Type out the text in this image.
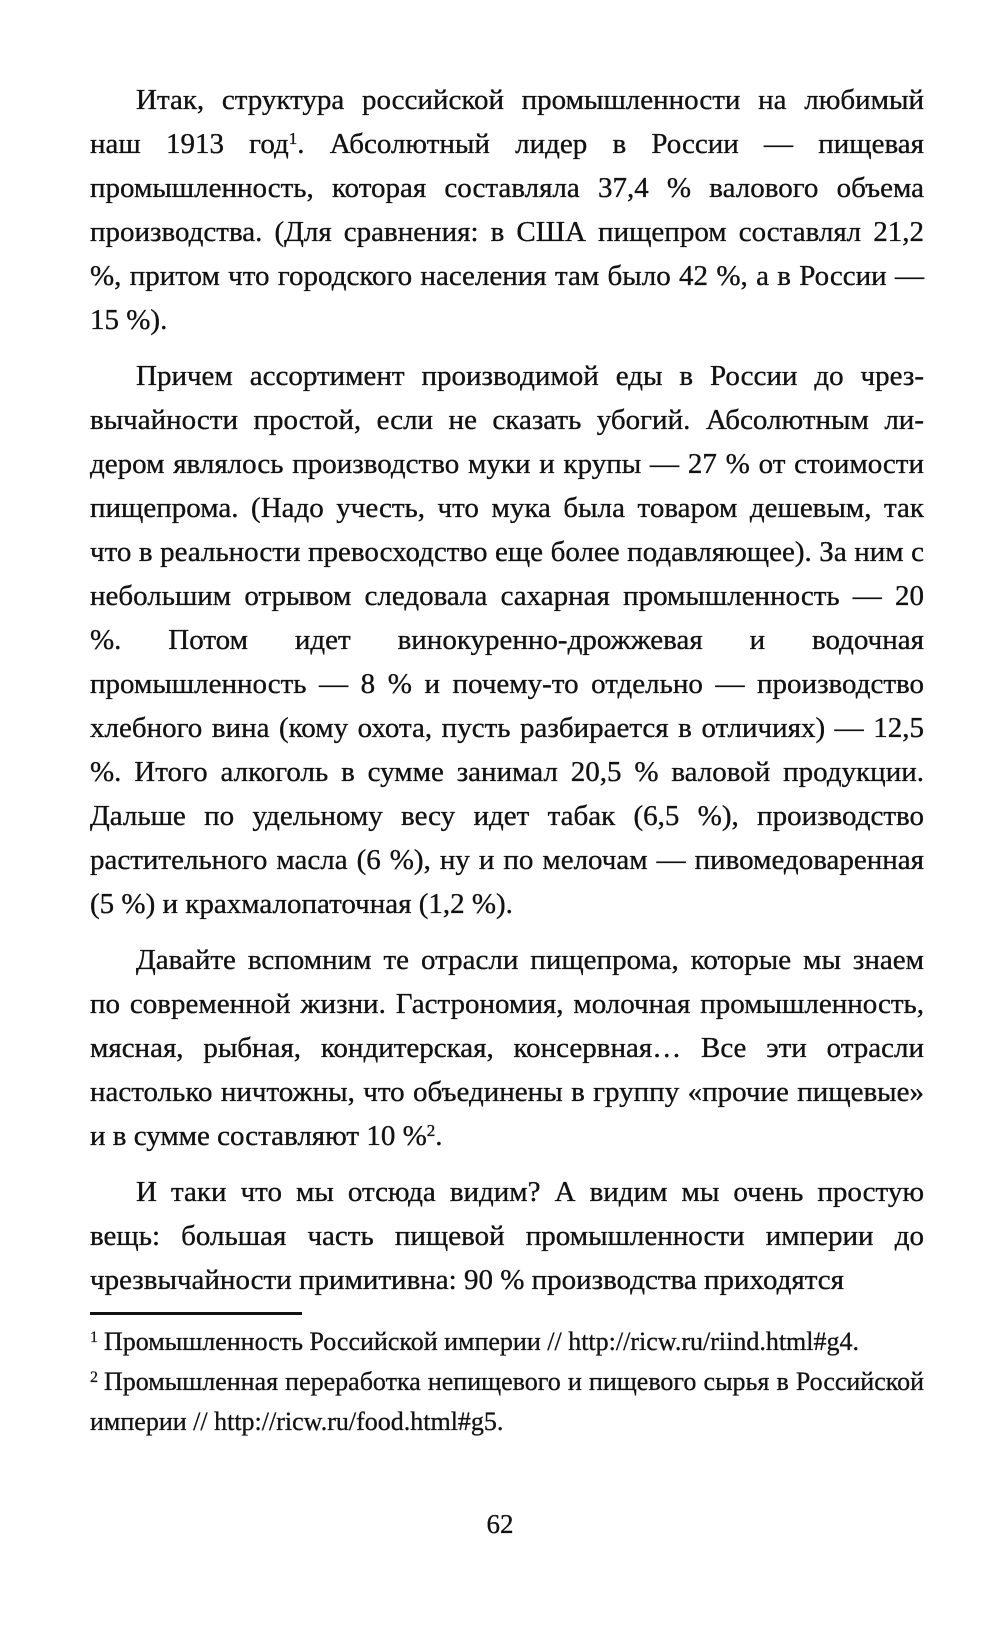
Итак, структура российской промышленности на любимый наш 1913 год$^1$. Абсолютный лидер в России — пищевая промышленность, которая составляла 37,4 % валового объема производства. (Для сравнения: в США пищепром составлял 21,2 %, притом что городского населения там было 42 %, а в России — 15 %).

Причем ассортимент производимой еды в России до чрезвычайности простой, если не сказать убогий. Абсолютным лидером являлось производство муки и крупы — 27 % от стоимости пищепрома. (Надо учесть, что мука была товаром дешевым, так что в реальности превосходство еще более подавляющее). За ним с небольшим отрывом следовала сахарная промышленность — 20 %. Потом идет винокуренно-дрожжевая и водочная промышленность — 8 % и почему-то отдельно — производство хлебного вина (кому охота, пусть разбирается в отличиях) — 12,5 %. Итого алкоголь в сумме занимал 20,5 % валовой продукции. Дальше по удельному весу идет табак (6,5 %), производство растительного масла (6 %), ну и по мелочам — пивомедоваренная (5 %) и крахмалопаточная (1,2 %).

Давайте вспомним те отрасли пищепрома, которые мы знаем по современной жизни. Гастрономия, молочная промышленность, мясная, рыбная, кондитерская, консервная… Все эти отрасли настолько ничтожны, что объединены в группу «прочие пищевые» и в сумме составляют 10 %$^2$.

И таки что мы отсюда видим? А видим мы очень простую вещь: большая часть пищевой промышленности империи до чрезвычайности примитивна: 90 % производства приходятся

$^1$ Промышленность Российской империи // http://ricw.ru/riind.html#g4.

$^2$ Промышленная переработка непищевого и пищевого сырья в Российской империи // http://ricw.ru/food.html#g5.

62
